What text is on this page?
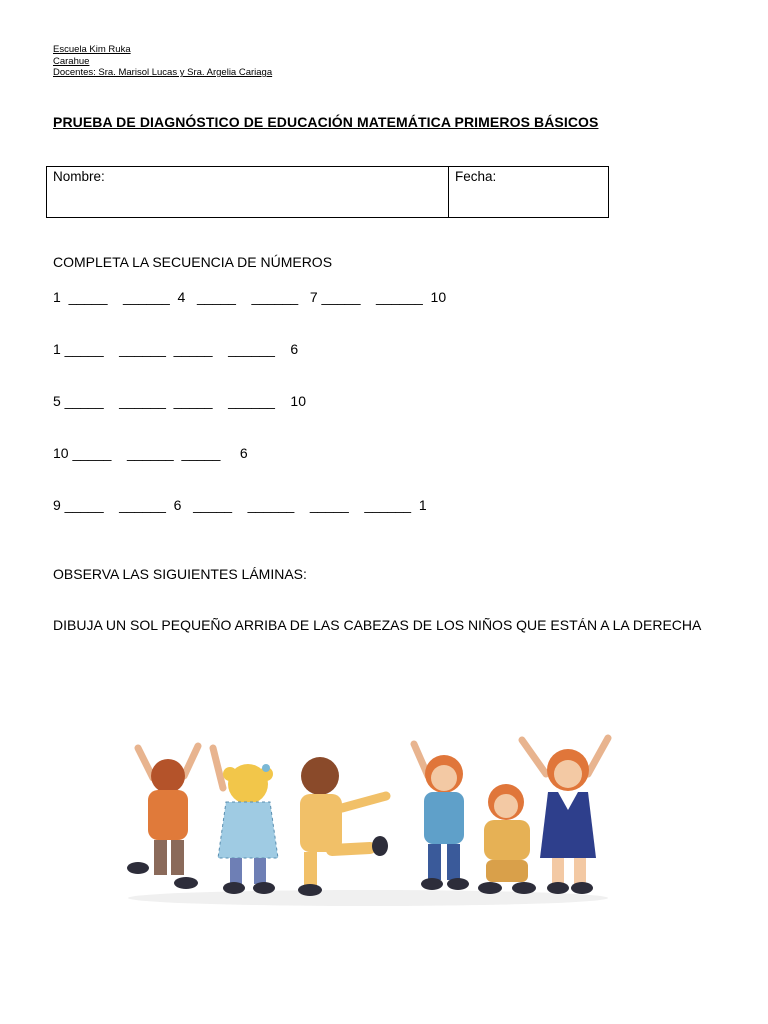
Escuela Kim Ruka
Carahue
Docentes: Sra. Marisol Lucas y Sra. Argelia Cariaga
PRUEBA DE DIAGNÓSTICO DE EDUCACIÓN MATEMÁTICA PRIMEROS BÁSICOS
Nombre:	Fecha:
COMPLETA LA SECUENCIA DE NÚMEROS
1  _____    ______  4   _____    ______   7 _____    ______  10
1 _____    ______  _____    ______    6
5 _____    ______  _____    ______    10
10 _____    ______  _____     6
9 _____    ______  6   _____    ______    _____    ______  1
OBSERVA LAS SIGUIENTES LÁMINAS:
DIBUJA UN SOL PEQUEÑO ARRIBA DE LAS CABEZAS DE LOS NIÑOS QUE ESTÁN A LA DERECHA
